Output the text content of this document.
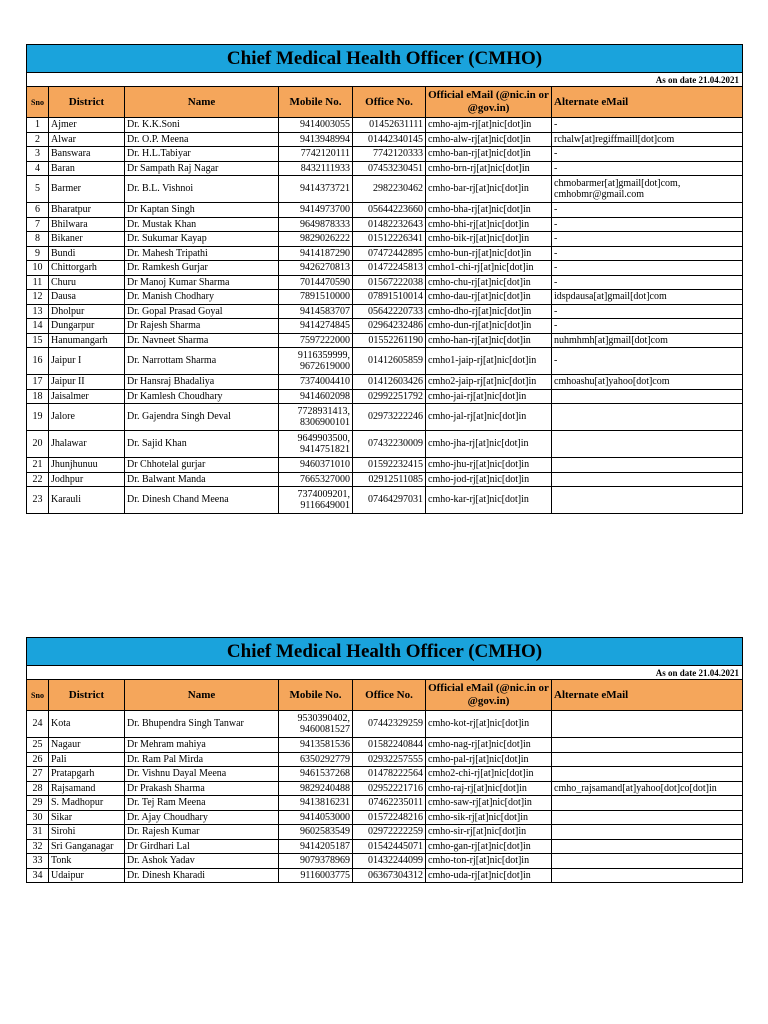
Chief Medical Health Officer (CMHO)						
As on date 21.04.2021						
Sno	District	Name	Mobile No.	Office No.	Official eMail (@nic.in or @gov.in)	Alternate eMail
1	Ajmer	Dr. K.K.Soni	9414003055	01452631111	cmho-ajm-rj[at]nic[dot]in	-
2	Alwar	Dr. O.P. Meena	9413948994	01442340145	cmho-alw-rj[at]nic[dot]in	rchalw[at]regiffmaill[dot]com
3	Banswara	Dr. H.L.Tabiyar	7742120111	7742120333	cmho-ban-rj[at]nic[dot]in	-
4	Baran	Dr Sampath Raj Nagar	8432111933	07453230451	cmho-brn-rj[at]nic[dot]in	-
5	Barmer	Dr. B.L. Vishnoi	9414373721	2982230462	cmho-bar-rj[at]nic[dot]in	chmobarmer[at]gmail[dot]com, cmhobmr@gmail.com
6	Bharatpur	Dr Kaptan Singh	9414973700	05644223660	cmho-bha-rj[at]nic[dot]in	-
7	Bhilwara	Dr. Mustak Khan	9649878333	01482232643	cmho-bhi-rj[at]nic[dot]in	-
8	Bikaner	Dr. Sukumar Kayap	9829026222	01512226341	cmho-bik-rj[at]nic[dot]in	-
9	Bundi	Dr. Mahesh Tripathi	9414187290	07472442895	cmho-bun-rj[at]nic[dot]in	-
10	Chittorgarh	Dr. Ramkesh Gurjar	9426270813	01472245813	cmho1-chi-rj[at]nic[dot]in	-
11	Churu	Dr Manoj Kumar Sharma	7014470590	01567222038	cmho-chu-rj[at]nic[dot]in	-
12	Dausa	Dr. Manish Chodhary	7891510000	07891510014	cmho-dau-rj[at]nic[dot]in	idspdausa[at]gmail[dot]com
13	Dholpur	Dr. Gopal Prasad Goyal	9414583707	05642220733	cmho-dho-rj[at]nic[dot]in	-
14	Dungarpur	Dr Rajesh Sharma	9414274845	02964232486	cmho-dun-rj[at]nic[dot]in	-
15	Hanumangarh	Dr. Navneet Sharma	7597222000	01552261190	cmho-han-rj[at]nic[dot]in	nuhmhmh[at]gmail[dot]com
16	Jaipur I	Dr. Narrottam Sharma	9116359999, 9672619000	01412605859	cmho1-jaip-rj[at]nic[dot]in	-
17	Jaipur II	Dr Hansraj Bhadaliya	7374004410	01412603426	cmho2-jaip-rj[at]nic[dot]in	cmhoashu[at]yahoo[dot]com
18	Jaisalmer	Dr Kamlesh Choudhary	9414602098	02992251792	cmho-jai-rj[at]nic[dot]in	
19	Jalore	Dr. Gajendra Singh Deval	7728931413, 8306900101	02973222246	cmho-jal-rj[at]nic[dot]in	
20	Jhalawar	Dr. Sajid Khan	9649903500, 9414751821	07432230009	cmho-jha-rj[at]nic[dot]in	
21	Jhunjhunuu	Dr Chhotelal gurjar	9460371010	01592232415	cmho-jhu-rj[at]nic[dot]in	
22	Jodhpur	Dr. Balwant Manda	7665327000	02912511085	cmho-jod-rj[at]nic[dot]in	
23	Karauli	Dr. Dinesh Chand Meena	7374009201, 9116649001	07464297031	cmho-kar-rj[at]nic[dot]in	
Chief Medical Health Officer (CMHO)						
As on date 21.04.2021						
Sno	District	Name	Mobile No.	Office No.	Official eMail (@nic.in or @gov.in)	Alternate eMail
24	Kota	Dr. Bhupendra Singh Tanwar	9530390402, 9460081527	07442329259	cmho-kot-rj[at]nic[dot]in	
25	Nagaur	Dr Mehram mahiya	9413581536	01582240844	cmho-nag-rj[at]nic[dot]in	
26	Pali	Dr. Ram Pal Mirda	6350292779	02932257555	cmho-pal-rj[at]nic[dot]in	
27	Pratapgarh	Dr. Vishnu Dayal Meena	9461537268	01478222564	cmho2-chi-rj[at]nic[dot]in	
28	Rajsamand	Dr Prakash Sharma	9829240488	02952221716	cmho-raj-rj[at]nic[dot]in	cmho_rajsamand[at]yahoo[dot]co[dot]in
29	S. Madhopur	Dr. Tej Ram Meena	9413816231	07462235011	cmho-saw-rj[at]nic[dot]in	
30	Sikar	Dr. Ajay Choudhary	9414053000	01572248216	cmho-sik-rj[at]nic[dot]in	
31	Sirohi	Dr. Rajesh Kumar	9602583549	02972222259	cmho-sir-rj[at]nic[dot]in	
32	Sri Ganganagar	Dr Girdhari Lal	9414205187	01542445071	cmho-gan-rj[at]nic[dot]in	
33	Tonk	Dr. Ashok Yadav	9079378969	01432244099	cmho-ton-rj[at]nic[dot]in	
34	Udaipur	Dr. Dinesh Kharadi	9116003775	06367304312	cmho-uda-rj[at]nic[dot]in	
